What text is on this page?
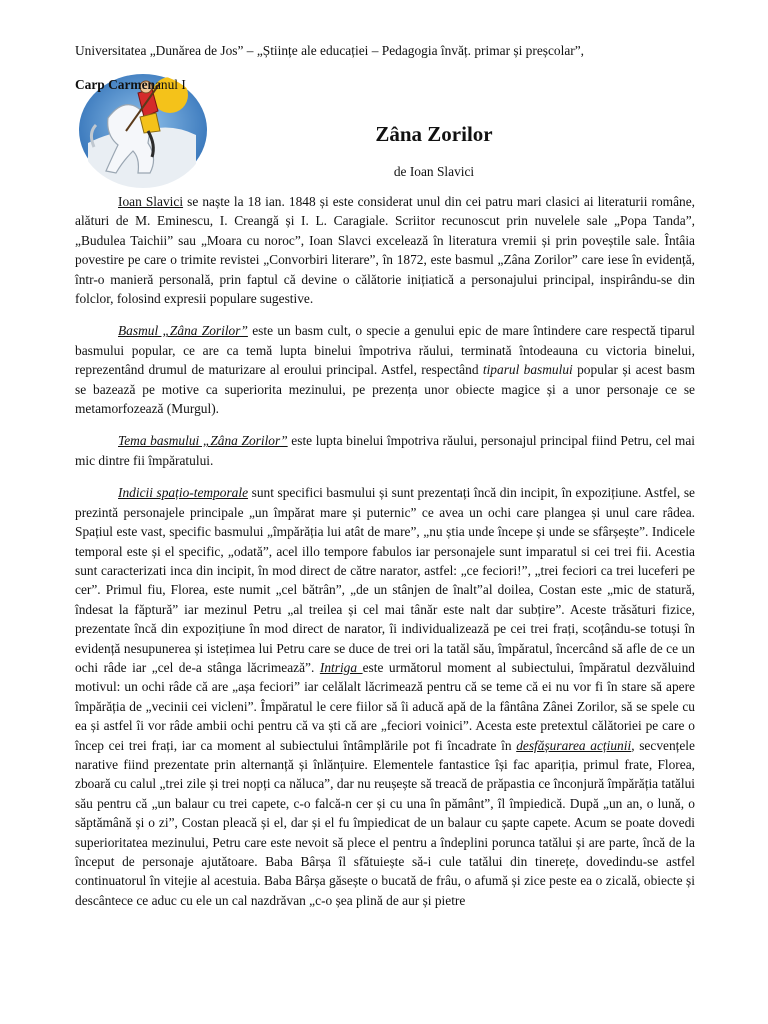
Universitatea „Dunărea de Jos” – „Științe ale educației – Pedagogia învăț. primar și preșcolar”,
Carp Carmenanul I
Zâna Zorilor
de Ioan Slavici

Ioan Slavici se naște la 18 ian. 1848 și este considerat unul din cei patru mari clasici ai literaturii române, alături de M. Eminescu, I. Creangă și I. L. Caragiale. Scriitor recunoscut prin nuvelele sale „Popa Tanda”, „Budulea Taichii” sau „Moara cu noroc”, Ioan Slavci excelează în literatura vremii și prin poveștile sale. Întâia povestire pe care o trimite revistei „Convorbiri literare”, în 1872, este basmul „Zâna Zorilor” care iese în evidență, într-o manieră personală, prin faptul că devine o călătorie inițiatică a personajului principal, inspirându-se din folclor, folosind expresii populare sugestive.

Basmul „Zâna Zorilor” este un basm cult, o specie a genului epic de mare întindere care respectă tiparul basmului popular, ce are ca temă lupta binelui împotriva răului, terminată întodeauna cu victoria binelui, reprezentând drumul de maturizare al eroului principal. Astfel, respectând tiparul basmului popular și acest basm se bazează pe motive ca superiorita mezinului, pe prezența unor obiecte magice și a unor personaje ce se metamorfozează (Murgul).

Tema basmului „Zâna Zorilor” este lupta binelui împotriva răului, personajul principal fiind Petru, cel mai mic dintre fii împăratului.

Indicii spațio-temporale sunt specifici basmului și sunt prezentați încă din incipit, în expozițiune. Astfel, se prezintă personajele principale „un împărat mare și puternic” ce avea un ochi care plangea și unul care râdea. Spațiul este vast, specific basmului „împărăția lui atât de mare”, „nu știa unde începe și unde se sfârșește”. Indicele temporal este și el specific, „odată”, acel illo tempore fabulos iar personajele sunt imparatul si cei trei fii. Acestia sunt caracterizati inca din incipit, în mod direct de către narator, astfel: „ce feciori!”, „trei feciori ca trei luceferi pe cer”. Primul fiu, Florea, este numit „cel bătrân”, „de un stânjen de înalt”al doilea, Costan este „mic de statură, îndesat la făptură” iar mezinul Petru „al treilea și cel mai tânăr este nalt dar subțire”. Aceste trăsături fizice, prezentate încă din expozițiune în mod direct de narator, îi individualizează pe cei trei frați, scoțându-se totuși în evidență nesupunerea și istețimea lui Petru care se duce de trei ori la tatăl său, împăratul, încercând să afle de ce un ochi râde iar „cel de-a stânga lăcrimează”. Intriga este următorul moment al subiectului, împăratul dezvăluind motivul: un ochi râde că are „așa feciori” iar celălalt lăcrimează pentru că se teme că ei nu vor fi în stare să apere împărăția de „vecinii cei vicleni”. Împăratul le cere fiilor să îi aducă apă de la fântâna Zânei Zorilor, să se spele cu ea și astfel îi vor râde ambii ochi pentru că va ști că are „feciori voinici”. Acesta este pretextul călătoriei pe care o încep cei trei frați, iar ca moment al subiectului întâmplările pot fi încadrate în desfășurarea acțiunii, secvențele narative fiind prezentate prin alternanță și înlănțuire. Elementele fantastice își fac apariția, primul frate, Florea, zboară cu calul „trei zile și trei nopți ca năluca”, dar nu reușește să treacă de prăpastia ce înconjură împărăția tatălui său pentru că „un balaur cu trei capete, c-o falcă-n cer și cu una în pământ”, îl împiedică. După „un an, o lună, o săptămână și o zi”, Costan pleacă și el, dar și el fu împiedicat de un balaur cu șapte capete. Acum se poate dovedi superioritatea mezinului, Petru care este nevoit să plece el pentru a îndeplini porunca tatălui și are parte, încă de la început de personaje ajutătoare. Baba Bârșa îl sfătuiește să-i cule tatălui din tinerețe, dovedindu-se astfel continuatorul în vitejie al acestuia. Baba Bârșa găsește o bucată de frâu, o afumă și zice peste ea o zicală, obiecte și descântece ce aduc cu ele un cal nazdrăvan „c-o șea plină de aur și pietre
